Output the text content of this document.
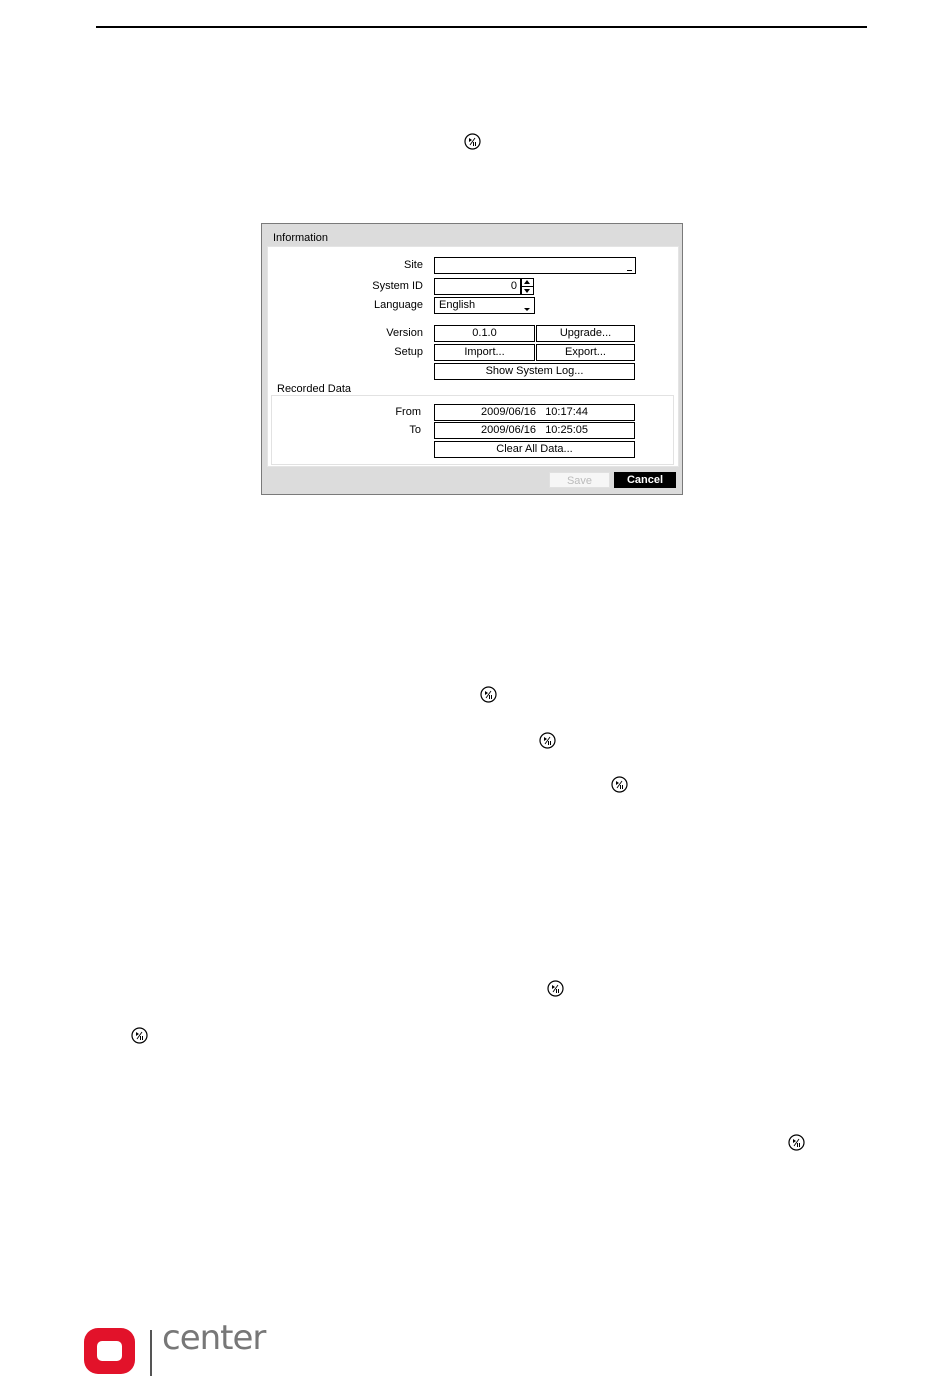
Information
Site
System ID	0
Language	English
Version	0.1.0	Upgrade...
Setup	Import...	Export...
Show System Log...
Recorded Data
From	2009/06/16   10:17:44
To	2009/06/16   10:25:05
Clear All Data...
Save	Cancel
center
